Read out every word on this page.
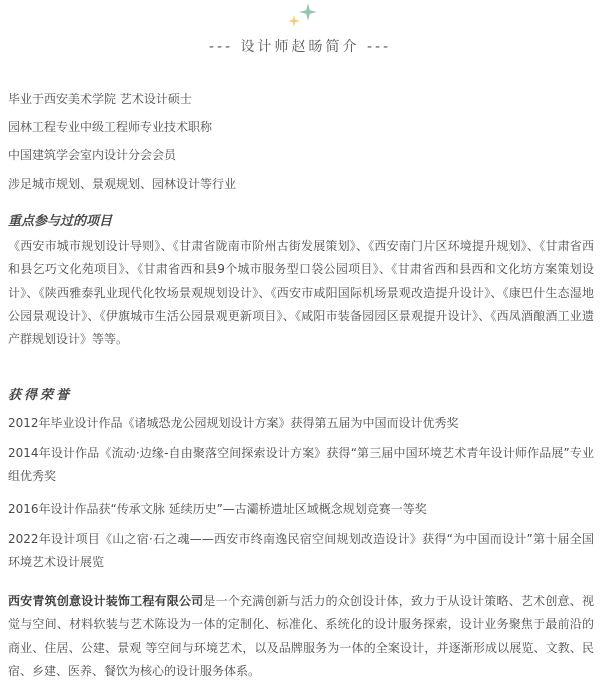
--- 设计师赵旸简介 ---
毕业于西安美术学院 艺术设计硕士
园林工程专业中级工程师专业技术职称
中国建筑学会室内设计分会会员
涉足城市规划、景观规划、园林设计等行业
重点参与过的项目
《西安市城市规划设计导则》、《甘肃省陇南市阶州古街发展策划》、《西安南门片区环境提升规划》、《甘肃省西和县乞巧文化苑项目》、《甘肃省西和县9个城市服务型口袋公园项目》、《甘肃省西和县西和文化坊方案策划设计》、《陕西雅泰乳业现代化牧场景观规划设计》、《西安市咸阳国际机场景观改造提升设计》、《康巴什生态湿地公园景观设计》、《伊旗城市生活公园景观更新项目》、《咸阳市装备园园区景观提升设计》、《西凤酒酿酒工业遗产群规划设计》等等。
获得荣誉
2012年毕业设计作品《诸城恐龙公园规划设计方案》获得第五届为中国而设计优秀奖
2014年设计作品《流动·边缘-自由聚落空间探索设计方案》获得“第三届中国环境艺术青年设计师作品展”专业组优秀奖
2016年设计作品获“传承文脉 延续历史”—古灞桥遗址区域概念规划竞赛一等奖
2022年设计项目《山之宿·石之魂——西安市终南逸民宿空间规划改造设计》获得“为中国而设计”第十届全国环境艺术设计展览
西安青筑创意设计装饰工程有限公司是一个充满创新与活力的众创设计体，致力于从设计策略、艺术创意、视觉与空间、材料软装与艺术陈设为一体的定制化、标准化、系统化的设计服务探索，设计业务聚焦于最前沿的商业、住居、公建、景观 等空间与环境艺术，以及品牌服务为一体的全案设计，并逐渐形成以展览、文教、民宿、乡建、医养、餐饮为核心的设计服务体系。
